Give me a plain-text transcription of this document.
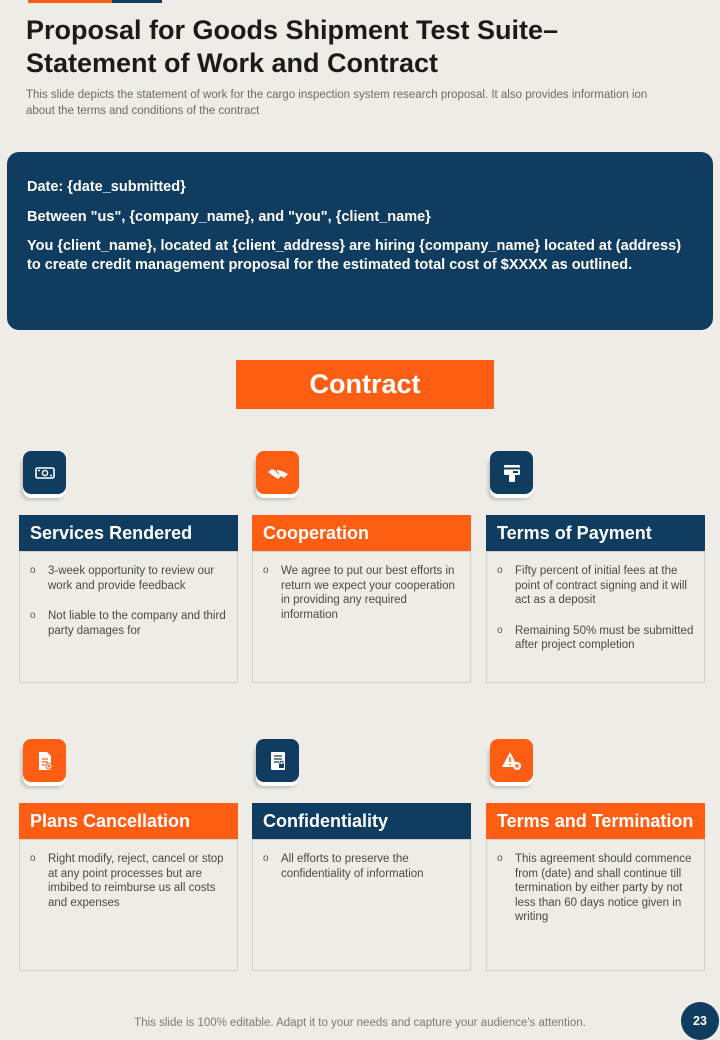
Proposal for Goods Shipment Test Suite– Statement of Work and Contract

This slide depicts the statement of work for the cargo inspection system research proposal. It also provides information ion about the terms and conditions of the contract

Date: {date_submitted}

Between "us", {company_name}, and "you", {client_name}

You {client_name}, located at {client_address} are hiring {company_name} located at (address) to create credit management proposal for the estimated total cost of $XXXX as outlined.

Contract
Services Rendered
o 3-week opportunity to review our work and provide feedback
o Not liable to the company and third party damages for
Cooperation
o We agree to put our best efforts in return we expect your cooperation in providing any required information
Terms of Payment
o Fifty percent of initial fees at the point of contract signing and it will act as a deposit
o Remaining 50% must be submitted after project completion
Plans Cancellation
o Right modify, reject, cancel or stop at any point processes but are imbibed to reimburse us all costs and expenses
Confidentiality
o All efforts to preserve the confidentiality of information
Terms and Termination
o This agreement should commence from (date) and shall continue till termination by either party by not less than 60 days notice given in writing

This slide is 100% editable. Adapt it to your needs and capture your audience's attention.	23
